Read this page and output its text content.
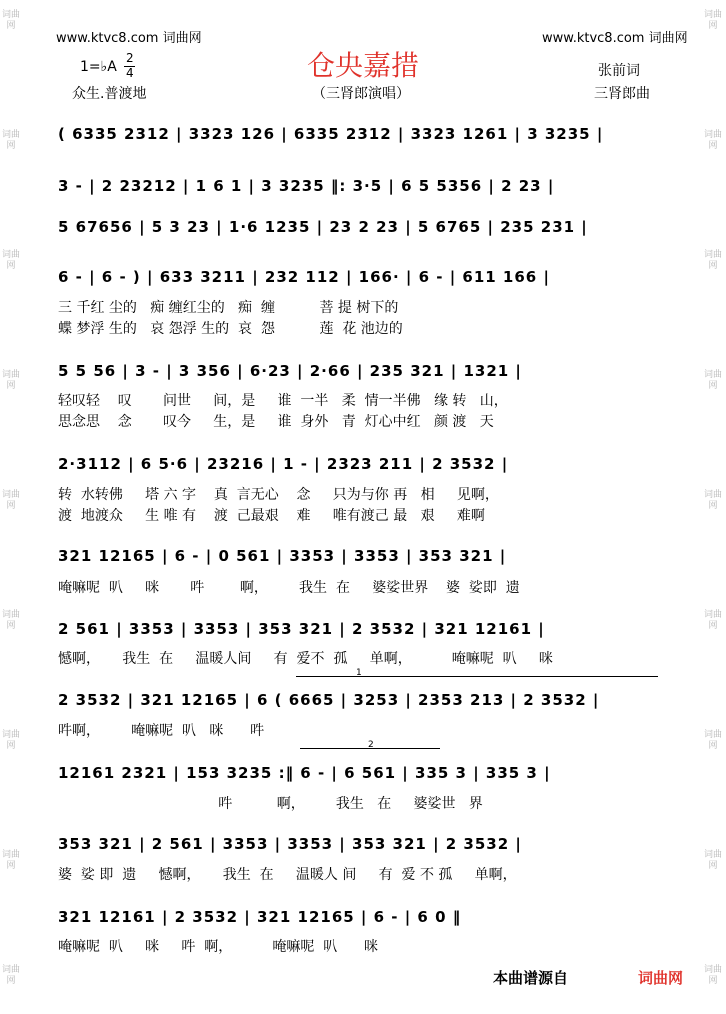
词曲网
词曲网
词曲网
词曲网
词曲网
词曲网
词曲网
词曲网
词曲网
词曲网
词曲网
词曲网
词曲网
词曲网
词曲网
词曲网
词曲网
词曲网
www.ktvc8.com 词曲网	www.ktvc8.com 词曲网
仓央嘉措
1=♭A
2
4	张前词
众生.普渡地	（三肾郎演唱）	三肾郎曲
( 6335 2312 | 3323 126 | 6335 2312 | 3323 1261 | 3 3235 |
3 - | 2 23212 | 1 6 1 | 3 3235 ‖: 3·5 | 6 5 5356 | 2 23 |
5 67656 | 5 3 23 | 1·6 1235 | 23 2 23 | 5 6765 | 235 231 |
6 - | 6 - ) | 633 3211 | 232 112 | 166· | 6 - | 611 166 |
三 千红 尘的   痴 缠红尘的   痴  缠          菩 提 树下的
蝶 梦浮 生的   哀 怨浮 生的  哀  怨          莲  花 池边的
5 5 56 | 3 - | 3 356 | 6·23 | 2·66 | 235 321 | 1321 |
轻叹轻    叹       问世     间，是     谁  一半   柔  情一半佛   缘 转   山，
思念思    念       叹今     生，是     谁  身外   青  灯心中红   颜 渡   天
2·3112 | 6 5·6 | 23216 | 1 - | 2323 211 | 2 3532 |
转  水转佛     塔 六 字    真  言无心    念     只为与你 再   相     见啊，
渡  地渡众     生 唯 有    渡  己最艰    难     唯有渡己 最   艰     难啊
321 12165 | 6 - | 0 561 | 3353 | 3353 | 353 321 |
唵嘛呢  叭     咪       吽        啊，       我生  在     婆娑世界    婆  娑即  遗
2 561 | 3353 | 3353 | 353 321 | 2 3532 | 321 12161 |
憾啊，     我生  在     温暖人间     有  爱不  孤     单啊，         唵嘛呢  叭     咪
1
2 3532 | 321 12165 | 6 ( 6665 | 3253 | 2353 213 | 2 3532 |
吽啊，       唵嘛呢  叭   咪      吽
2
12161 2321 | 153 3235 :‖ 6 - | 6 561 | 335 3 | 335 3 |
吽          啊，       我生   在     婆娑世   界
353 321 | 2 561 | 3353 | 3353 | 353 321 | 2 3532 |
婆  娑 即  遗     憾啊，     我生  在     温暖人 间     有  爱 不 孤     单啊，
321 12161 | 2 3532 | 321 12165 | 6 - | 6 0 ‖
唵嘛呢  叭     咪     吽  啊，         唵嘛呢  叭      咪
本曲谱源自	词曲网
